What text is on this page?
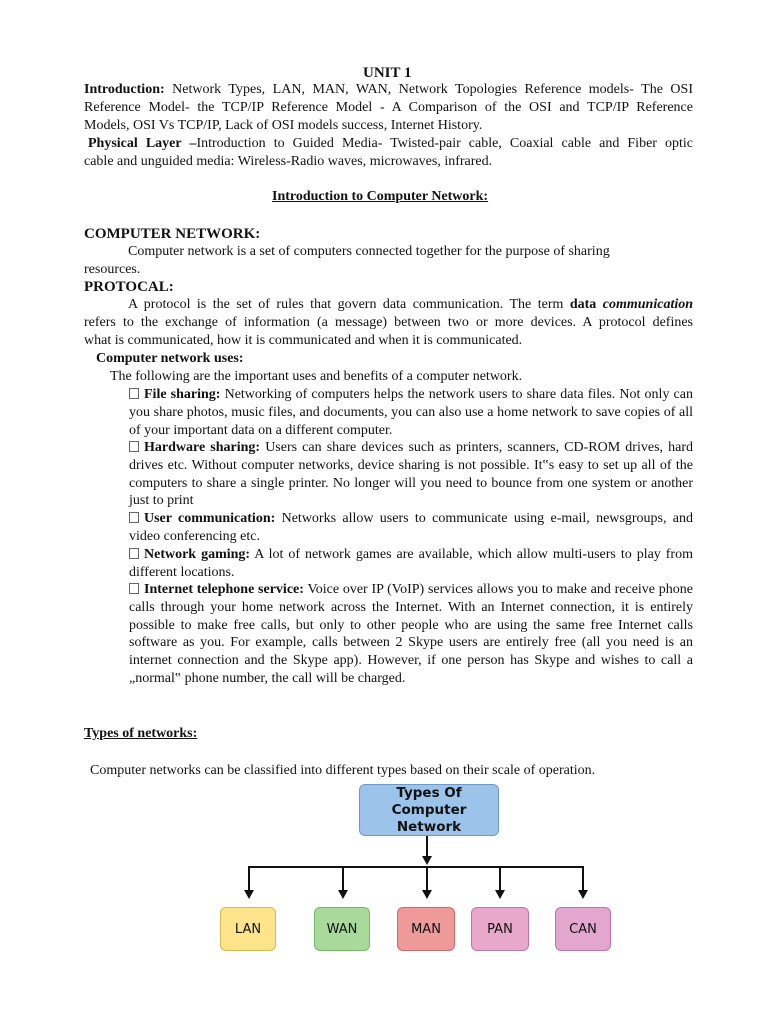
UNIT 1
Introduction: Network Types, LAN, MAN, WAN, Network Topologies Reference models- The OSI
Reference Model- the TCP/IP Reference Model - A Comparison of the OSI and TCP/IP Reference
Models, OSI Vs TCP/IP, Lack of OSI models success, Internet History.
Physical Layer –Introduction to Guided Media- Twisted-pair cable, Coaxial cable and Fiber optic
cable and unguided media: Wireless-Radio waves, microwaves, infrared.
Introduction to Computer Network:
COMPUTER NETWORK:
Computer network is a set of computers connected together for the purpose of sharing
resources.
PROTOCAL:
A protocol is the set of rules that govern data communication. The term data communication
refers to the exchange of information (a message) between two or more devices. A protocol defines
what is communicated, how it is communicated and when it is communicated.
Computer network uses:
The following are the important uses and benefits of a computer network.
File sharing: Networking of computers helps the network users to share data files. Not only can you share photos, music files, and documents, you can also use a home network to save copies of all of your important data on a different computer.
Hardware sharing: Users can share devices such as printers, scanners, CD-ROM drives, hard drives etc. Without computer networks, device sharing is not possible. It‟s easy to set up all of the computers to share a single printer. No longer will you need to bounce from one system or another just to print
User communication: Networks allow users to communicate using e-mail, newsgroups, and video conferencing etc.
Network gaming: A lot of network games are available, which allow multi-users to play from different locations.
Internet telephone service: Voice over IP (VoIP) services allows you to make and receive phone calls through your home network across the Internet. With an Internet connection, it is entirely possible to make free calls, but only to other people who are using the same free Internet calls software as you. For example, calls between 2 Skype users are entirely free (all you need is an internet connection and the Skype app). However, if one person has Skype and wishes to call a „normal‟ phone number, the call will be charged.
Types of networks:
Computer networks can be classified into different types based on their scale of operation.
Types Of Computer Network
LAN	WAN	MAN	PAN	CAN
